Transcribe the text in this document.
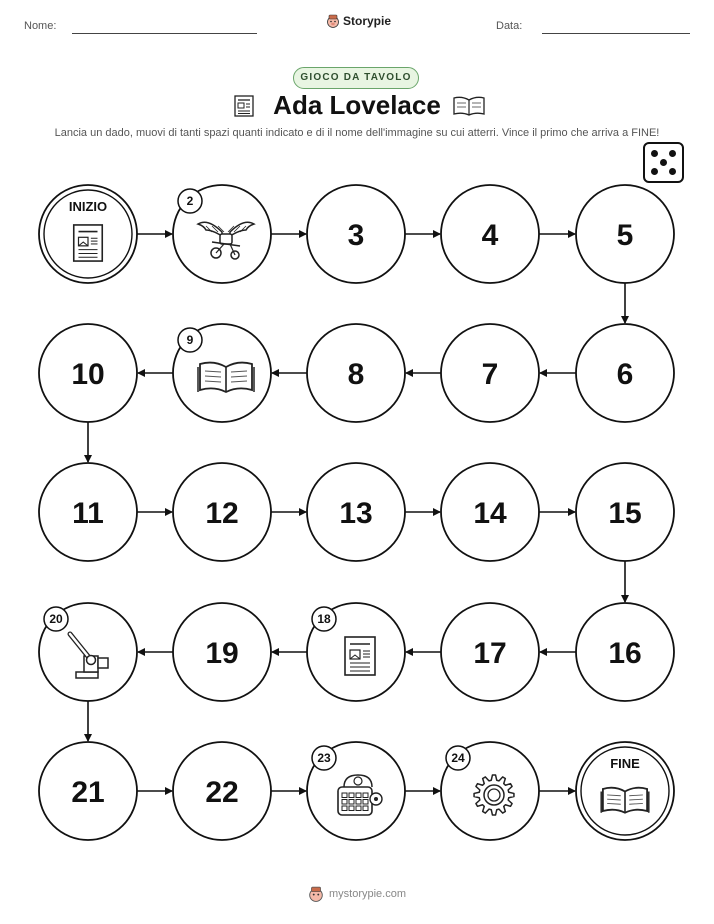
Nome:	Storypie	Data:
GIOCO DA TAVOLO
Ada Lovelace
Lancia un dado, muovi di tanti spazi quanti indicato e di il nome dell'immagine su cui atterri. Vince il primo che arriva a FINE!
INIZIO	2
3	4	5
6
7
8
9
10
11	12	13	14	15
16
17
18
19
20
21	22
23	24	FINE
mystorypie.com
